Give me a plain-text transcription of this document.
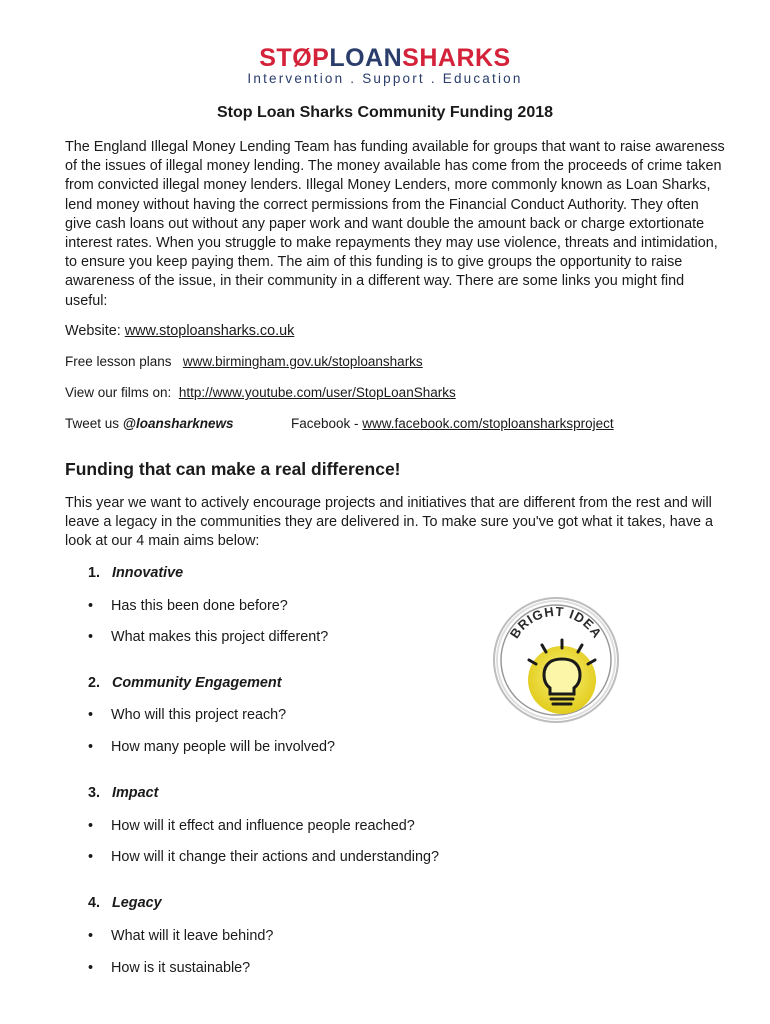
STØPLOANSHARKS
Intervention . Support . Education
Stop Loan Sharks Community Funding 2018
The England Illegal Money Lending Team has funding available for groups that want to raise awareness of the issues of illegal money lending. The money available has come from the proceeds of crime taken from convicted illegal money lenders. Illegal Money Lenders, more commonly known as Loan Sharks, lend money without having the correct permissions from the Financial Conduct Authority. They often give cash loans out without any paper work and want double the amount back or charge extortionate interest rates. When you struggle to make repayments they may use violence, threats and intimidation, to ensure you keep paying them. The aim of this funding is to give groups the opportunity to raise awareness of the issue, in their community in a different way. There are some links you might find useful:
Website: www.stoploansharks.co.uk
Free lesson plans www.birmingham.gov.uk/stoploansharks
View our films on: http://www.youtube.com/user/StopLoanSharks
Tweet us @loansharknews	Facebook - www.facebook.com/stoploansharksproject
Funding that can make a real difference!
This year we want to actively encourage projects and initiatives that are different from the rest and will leave a legacy in the communities they are delivered in. To make sure you've got what it takes, have a look at our 4 main aims below:
1. Innovative
• Has this been done before?
• What makes this project different?
2. Community Engagement
• Who will this project reach?
• How many people will be involved?
3. Impact
• How will it effect and influence people reached?
• How will it change their actions and understanding?
4. Legacy
• What will it leave behind?
• How is it sustainable?
BRIGHT IDEA
